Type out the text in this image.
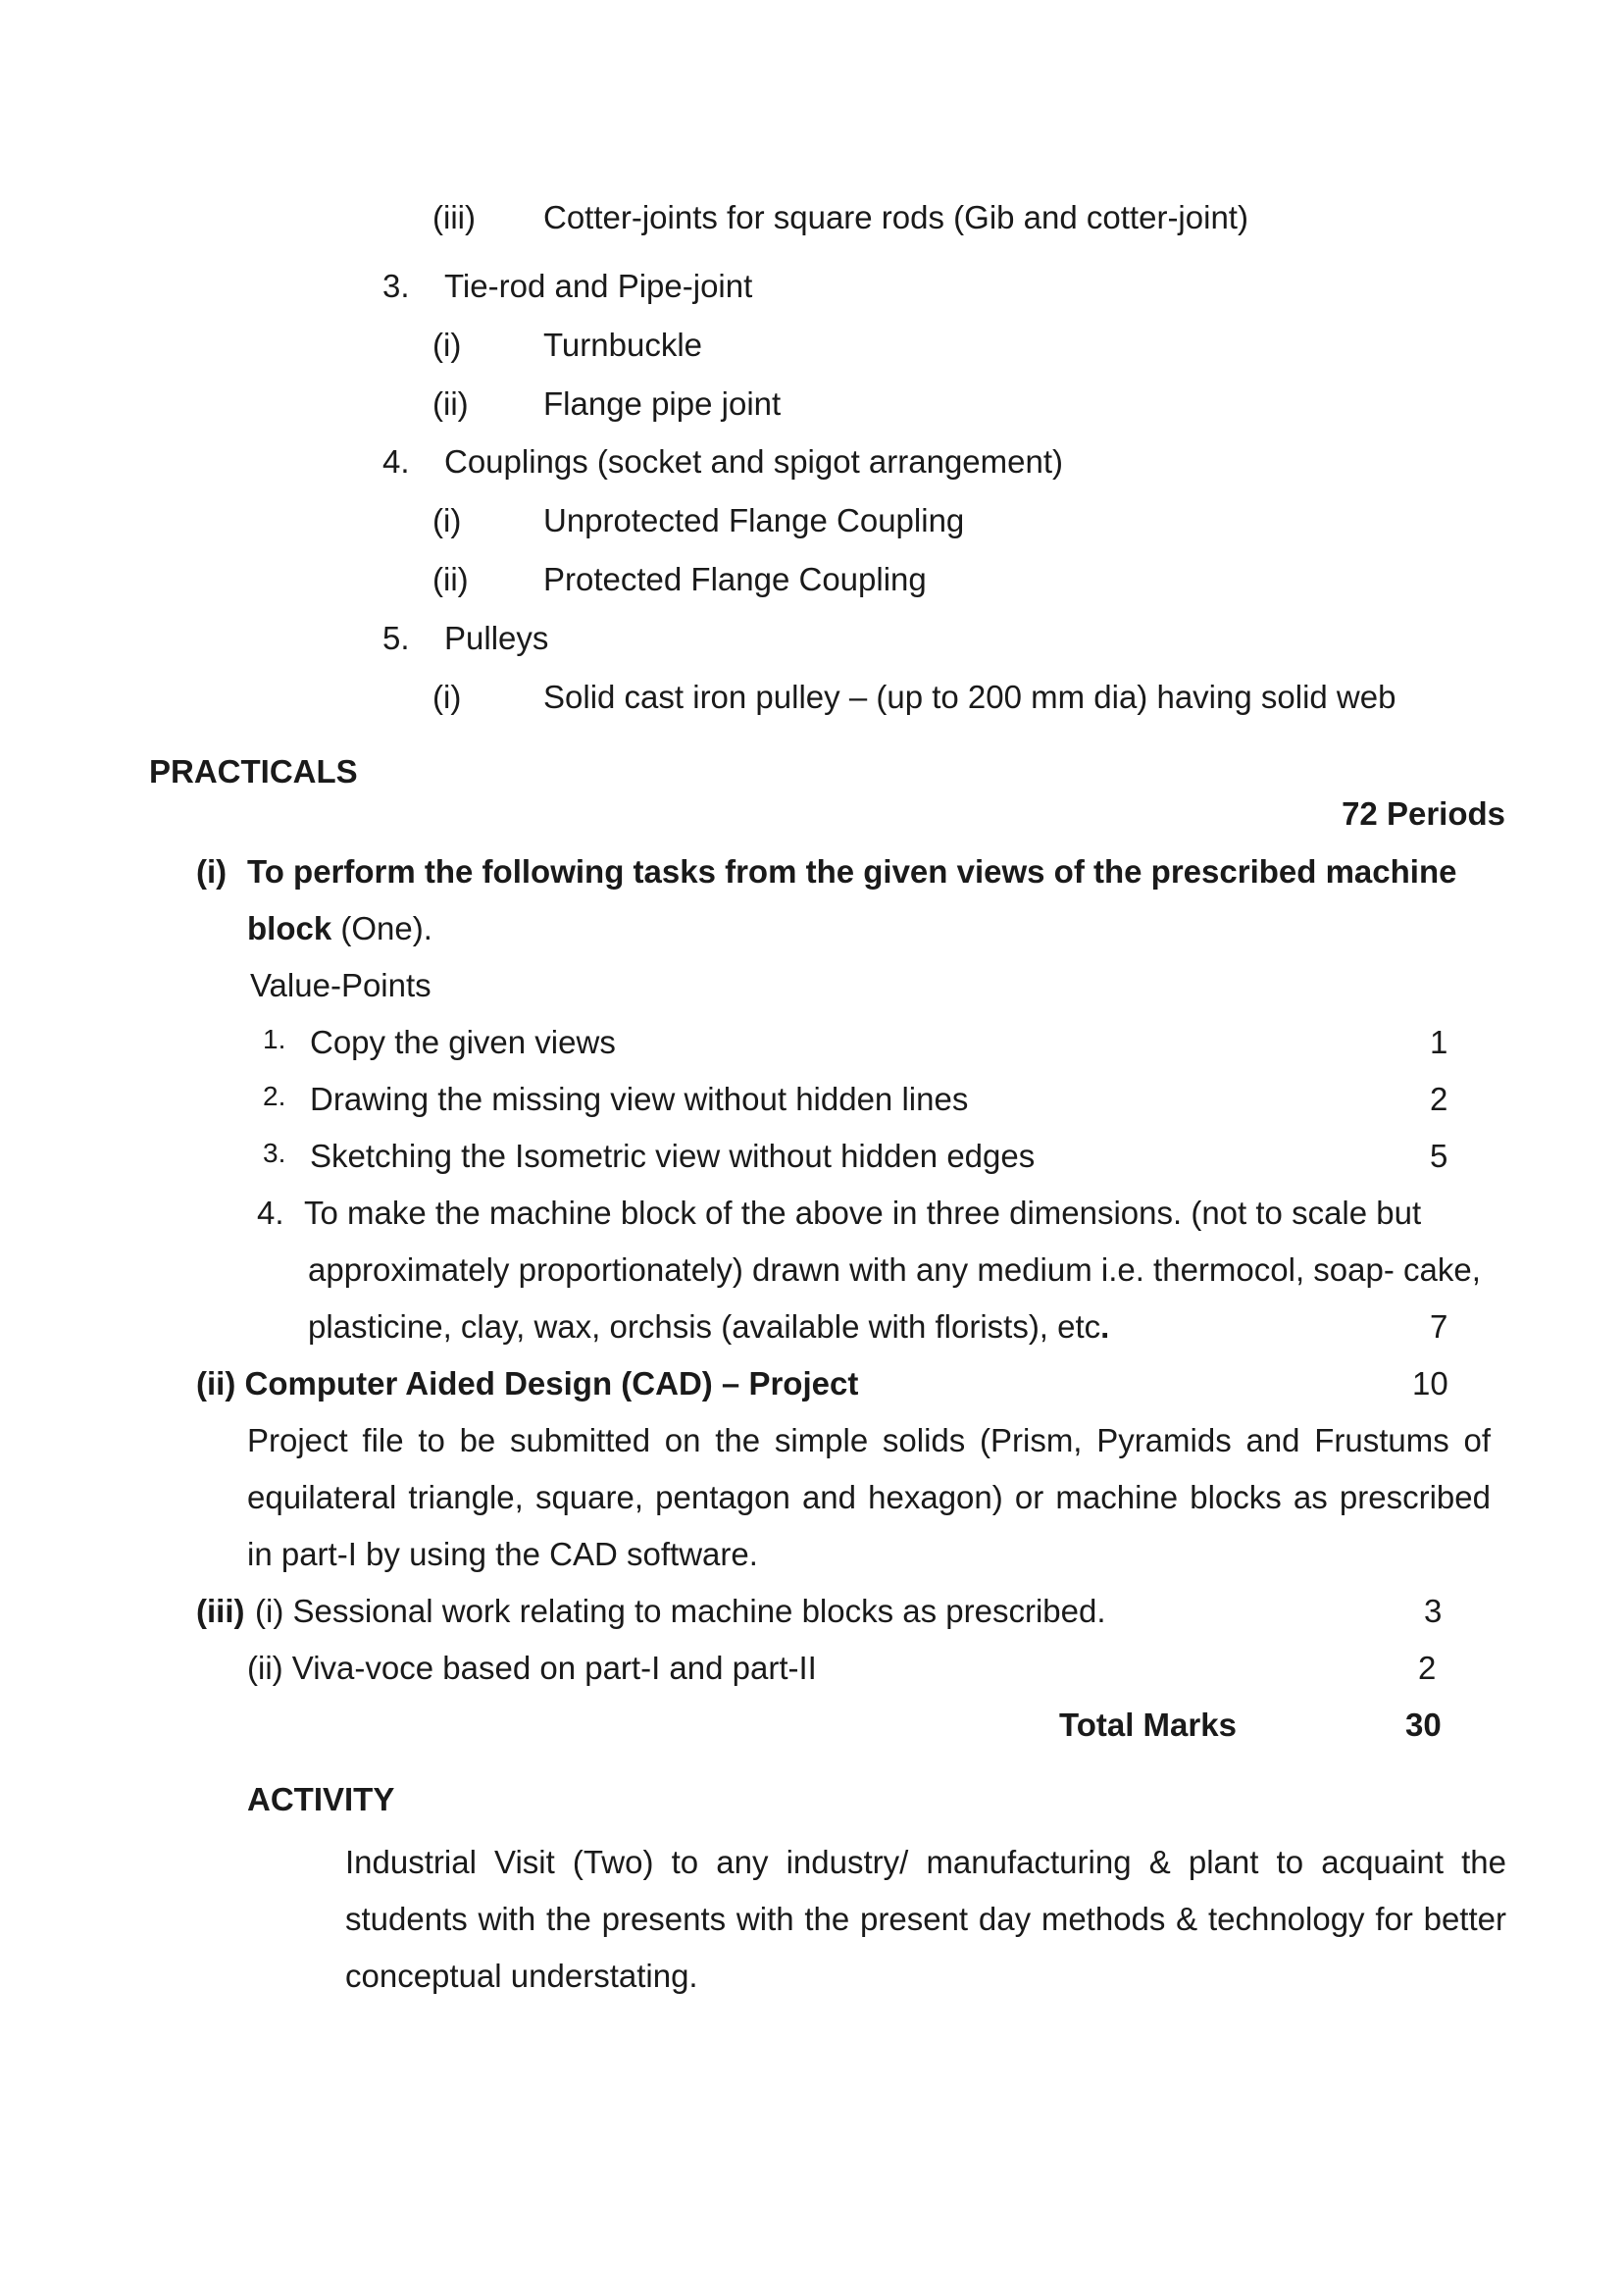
(iii) Cotter-joints for square rods (Gib and cotter-joint)
3. Tie-rod and Pipe-joint
(i)	Turnbuckle
(ii) Flange pipe joint
4. Couplings (socket and spigot arrangement)
(i)	Unprotected Flange Coupling
(ii) Protected Flange Coupling
5. Pulleys
(i)	Solid cast iron pulley – (up to 200 mm dia) having solid web
PRACTICALS
72 Periods
(i) To perform the following tasks from the given views of the prescribed machine
block (One).
Value-Points
1. Copy the given views	1
2. Drawing the missing view without hidden lines	2
3. Sketching the Isometric view without hidden edges	5
4. To make the machine block of the above in three dimensions. (not to scale but
approximately proportionately) drawn with any medium i.e. thermocol, soap- cake,
plasticine, clay, wax, orchsis (available with florists), etc.	7
(ii) Computer Aided Design (CAD) – Project	10
Project file to be submitted on the simple solids (Prism, Pyramids and Frustums of
equilateral triangle, square, pentagon and hexagon) or machine blocks as prescribed
in part-I by using the CAD software.
(iii) (i) Sessional work relating to machine blocks as prescribed.	3
(ii) Viva-voce based on part-I and part-II	2
Total Marks	30
ACTIVITY
Industrial Visit (Two) to any industry/ manufacturing & plant to acquaint the
students with the presents with the present day methods & technology for better
conceptual understating.
